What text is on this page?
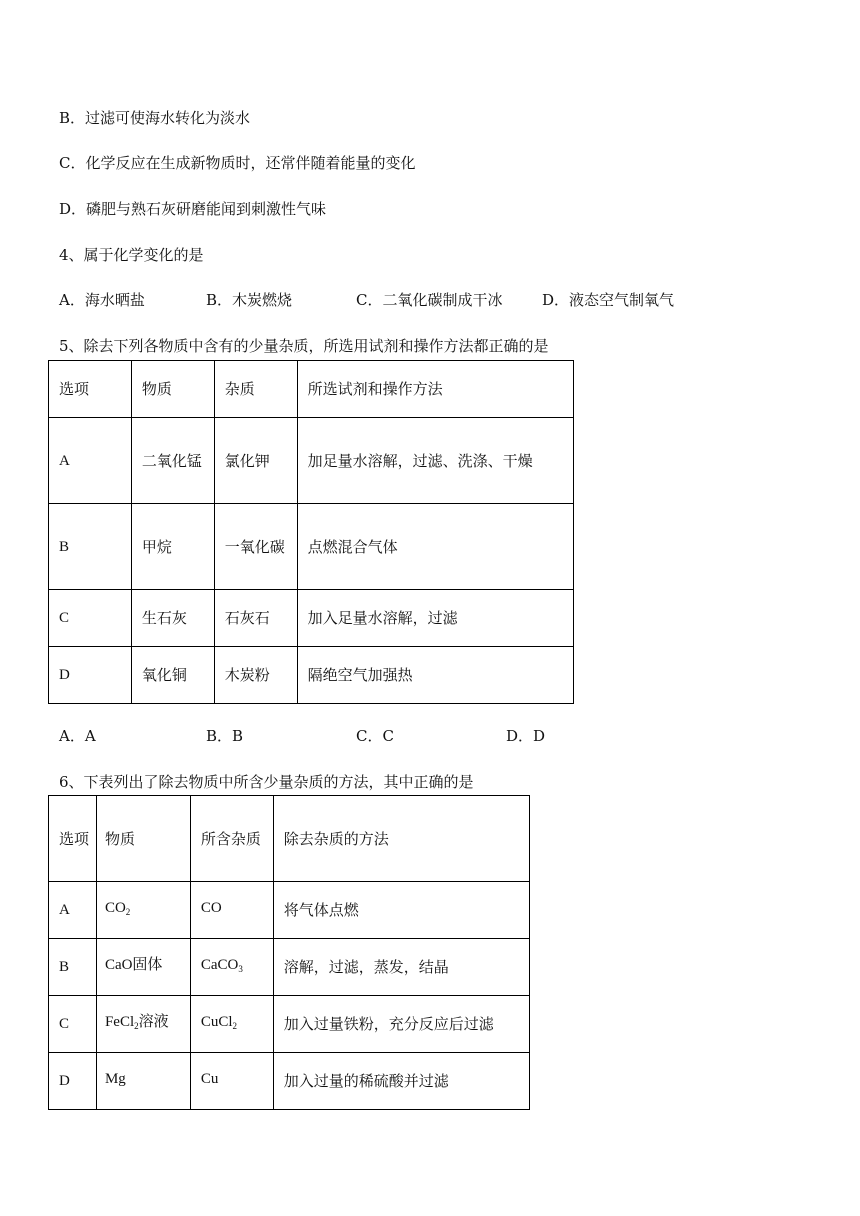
B．过滤可使海水转化为淡水
C．化学反应在生成新物质时，还常伴随着能量的变化
D．磷肥与熟石灰研磨能闻到刺激性气味
4、属于化学变化的是
A．海水晒盐	B．木炭燃烧	C．二氧化碳制成干冰	D．液态空气制氧气
5、除去下列各物质中含有的少量杂质，所选用试剂和操作方法都正确的是
选项	物质	杂质	所选试剂和操作方法
A	二氧化锰	氯化钾	加足量水溶解，过滤、洗涤、干燥
B	甲烷	一氧化碳	点燃混合气体
C	生石灰	石灰石	加入足量水溶解，过滤
D	氧化铜	木炭粉	隔绝空气加强热
A．A	B．B	C．C	D．D
6、下表列出了除去物质中所含少量杂质的方法，其中正确的是
选项	物质	所含杂质	除去杂质的方法
A	$CO_2$	CO	将气体点燃
B	CaO固体	CaCO$_3$	溶解，过滤，蒸发，结晶
C	FeCl$_2$溶液	CuCl$_2$	加入过量铁粉，充分反应后过滤
D	Mg	Cu	加入过量的稀硫酸并过滤
